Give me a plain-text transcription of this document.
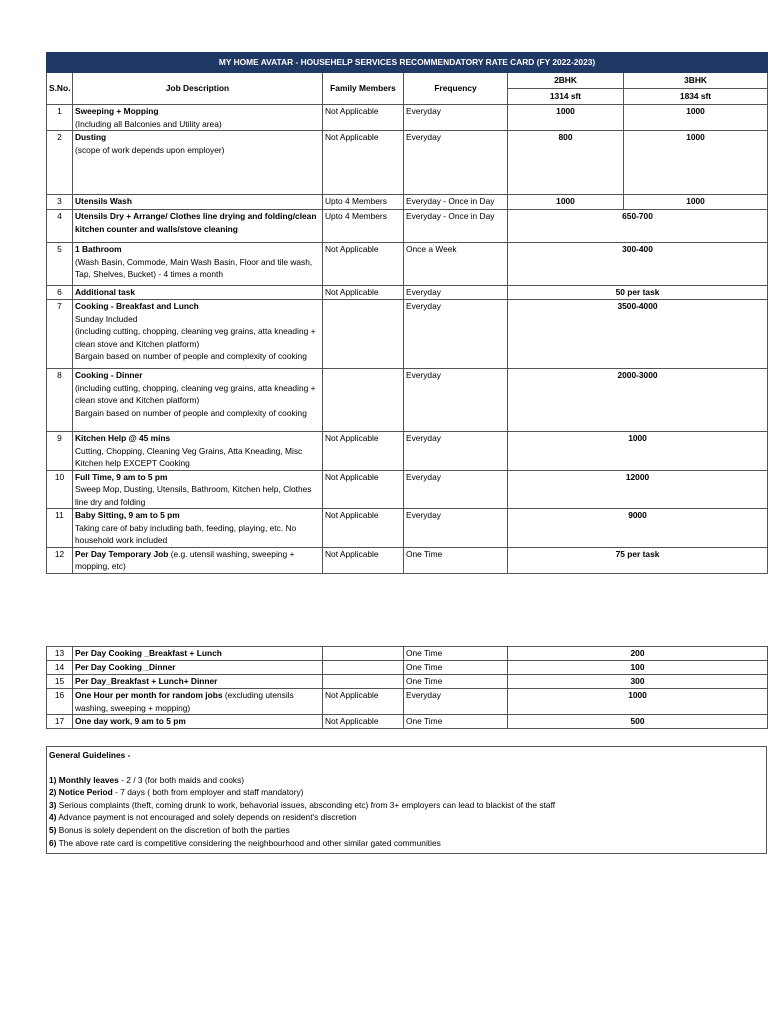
MY HOME AVATAR - HOUSEHELP SERVICES RECOMMENDATORY RATE CARD (FY 2022-2023)					
S.No.	Job Description	Family Members	Frequency	2BHK	3BHK
				1314 sft	1834 sft
1	Sweeping + Mopping
(Including all Balconies and Utility area)	Not Applicable	Everyday	1000	1000
2	Dusting
(scope of work depends upon employer)	Not Applicable	Everyday	800	1000
3	Utensils Wash	Upto 4 Members	Everyday - Once in Day	1000	1000
4	Utensils Dry + Arrange/ Clothes line drying and folding/clean kitchen counter and walls/stove cleaning	Upto 4 Members	Everyday - Once in Day	650-700	
5	1 Bathroom
(Wash Basin, Commode, Main Wash Basin, Floor and tile wash, Tap, Shelves, Bucket) - 4 times a month	Not Applicable	Once a Week	300-400	
6	Additional task	Not Applicable	Everyday	50 per task	
7	Cooking - Breakfast and Lunch
Sunday Included
(including cutting, chopping, cleaning veg grains, atta kneading + clean stove and Kitchen platform)
Bargain based on number of people and complexity of cooking		Everyday	3500-4000	
8	Cooking - Dinner
(including cutting, chopping, cleaning veg grains, atta kneading + clean stove and Kitchen platform)
Bargain based on number of people and complexity of cooking		Everyday	2000-3000	
9	Kitchen Help @ 45 mins
Cutting, Chopping, Cleaning Veg Grains, Atta Kneading, Misc Kitchen help EXCEPT Cooking	Not Applicable	Everyday	1000	
10	Full Time, 9 am to 5 pm
Sweep Mop, Dusting, Utensils, Bathroom, Kitchen help, Clothes line dry and folding	Not Applicable	Everyday	12000	
11	Baby Sitting, 9 am to 5 pm
Taking care of baby including bath, feeding, playing, etc. No household work included	Not Applicable	Everyday	9000	
12	Per Day Temporary Job (e.g. utensil washing, sweeping + mopping, etc)	Not Applicable	One Time	75 per task	
13	Per Day Cooking _Breakfast + Lunch		One Time	200
14	Per Day Cooking _Dinner		One Time	100
15	Per Day_Breakfast + Lunch+ Dinner		One Time	300
16	One Hour per month for random jobs (excluding utensils washing, sweeping + mopping)	Not Applicable	Everyday	1000
17	One day work, 9 am to 5 pm	Not Applicable	One Time	500
General Guidelines -
1) Monthly leaves - 2 / 3 (for both maids and cooks)
2) Notice Period - 7 days ( both from employer and staff mandatory)
3) Serious complaints (theft, coming drunk to work, behavorial issues, absconding etc) from 3+ employers can lead to blackist of the staff
4) Advance payment is not encouraged and solely depends on resident's discretion
5) Bonus is solely dependent on the discretion of both the parties
6) The above rate card is competitive considering the neighbourhood and other similar gated communities
